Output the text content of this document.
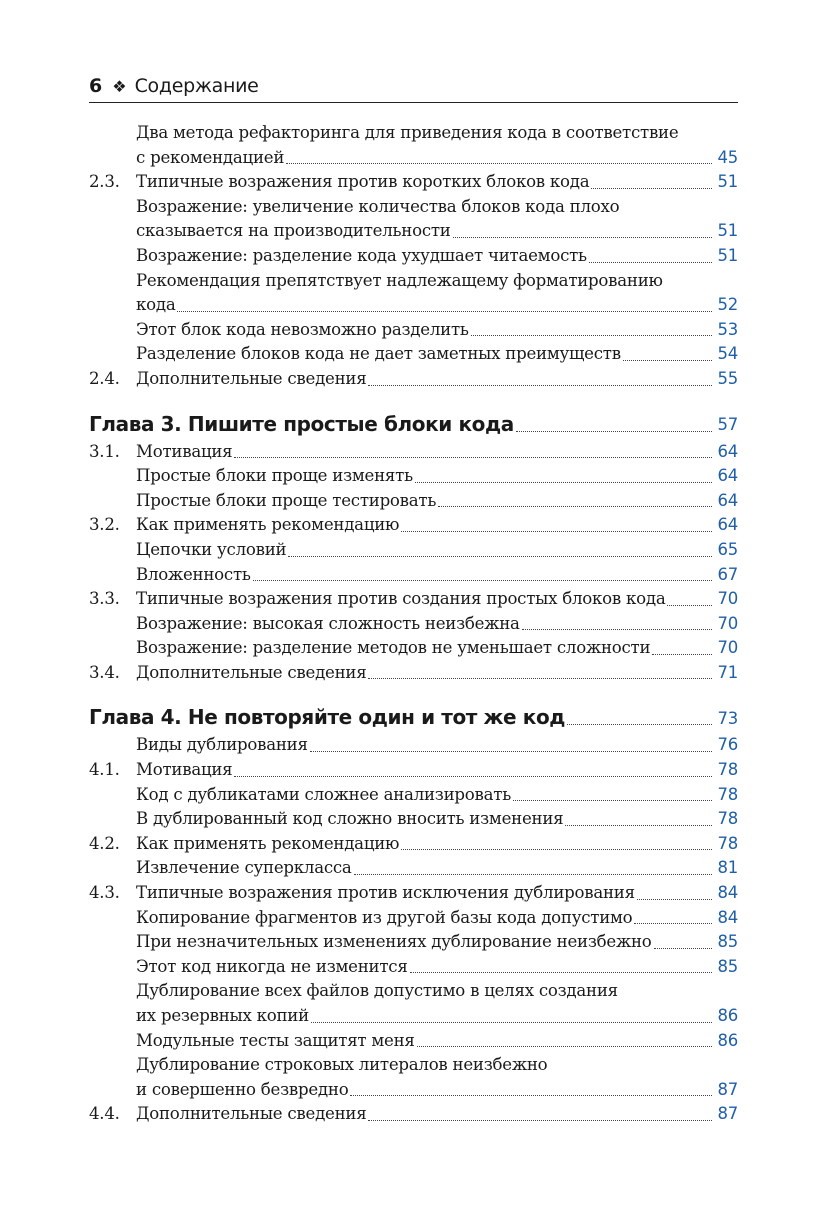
6 ❖ Содержание
Два метода рефакторинга для приведения кода в соответствие
с рекомендацией	45
2.3. Типичные возражения против коротких блоков кода	51
Возражение: увеличение количества блоков кода плохо
сказывается на производительности	51
Возражение: разделение кода ухудшает читаемость	51
Рекомендация препятствует надлежащему форматированию
кода	52
Этот блок кода невозможно разделить	53
Разделение блоков кода не дает заметных преимуществ	54
2.4. Дополнительные сведения	55
Глава 3. Пишите простые блоки кода	57
3.1. Мотивация	64
Простые блоки проще изменять	64
Простые блоки проще тестировать	64
3.2. Как применять рекомендацию	64
Цепочки условий	65
Вложенность	67
3.3. Типичные возражения против создания простых блоков кода	70
Возражение: высокая сложность неизбежна	70
Возражение: разделение методов не уменьшает сложности	70
3.4. Дополнительные сведения	71
Глава 4. Не повторяйте один и тот же код	73
Виды дублирования	76
4.1. Мотивация	78
Код с дубликатами сложнее анализировать	78
В дублированный код сложно вносить изменения	78
4.2. Как применять рекомендацию	78
Извлечение суперкласса	81
4.3. Типичные возражения против исключения дублирования	84
Копирование фрагментов из другой базы кода допустимо	84
При незначительных изменениях дублирование неизбежно	85
Этот код никогда не изменится	85
Дублирование всех файлов допустимо в целях создания
их резервных копий	86
Модульные тесты защитят меня	86
Дублирование строковых литералов неизбежно
и совершенно безвредно	87
4.4. Дополнительные сведения	87
